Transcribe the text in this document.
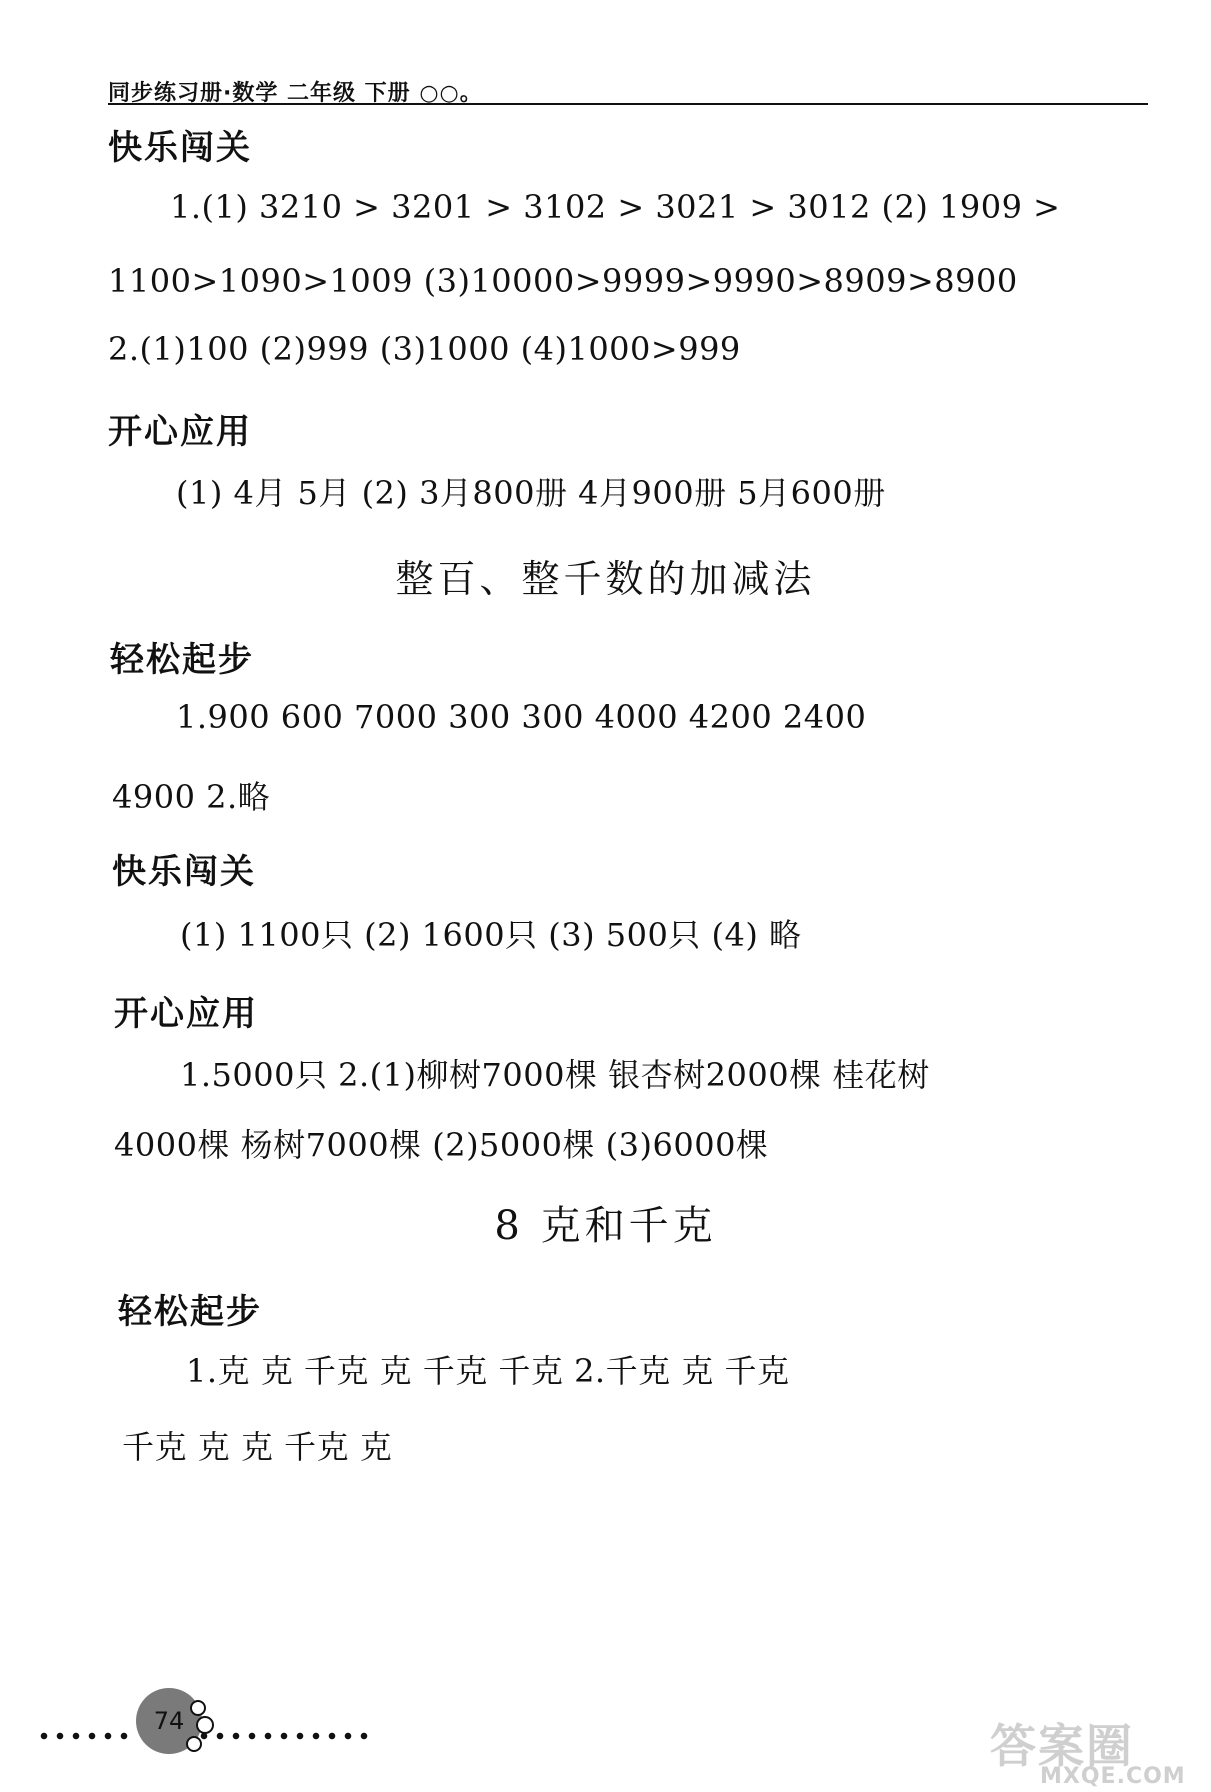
同步练习册·数学 二年级 下册 ○○。
快乐闯关
1.(1) 3210 > 3201 > 3102 > 3021 > 3012 (2) 1909 >
1100>1090>1009 (3)10000>9999>9990>8909>8900
2.(1)100 (2)999 (3)1000 (4)1000>999
开心应用
(1) 4月 5月 (2) 3月800册 4月900册 5月600册
整百、整千数的加减法
轻松起步
1.900 600 7000 300 300 4000 4200 2400
4900 2.略
快乐闯关
(1) 1100只 (2) 1600只 (3) 500只 (4) 略
开心应用
1.5000只 2.(1)柳树7000棵 银杏树2000棵 桂花树
4000棵 杨树7000棵 (2)5000棵 (3)6000棵
8 克和千克
轻松起步
1.克 克 千克 克 千克 千克 2.千克 克 千克
千克 克 克 千克 克
74	答案圈
MXQE.COM
